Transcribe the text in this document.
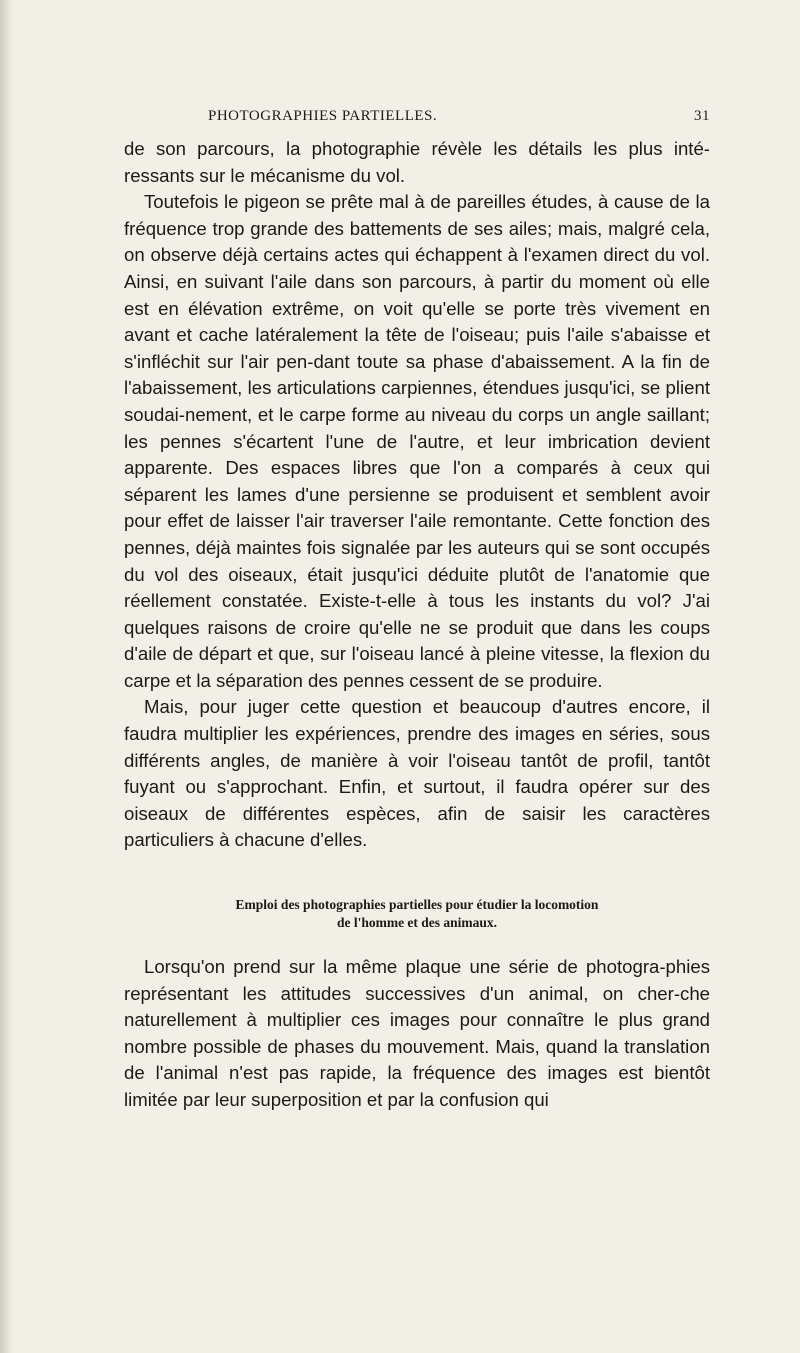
PHOTOGRAPHIES PARTIELLES.	31

de son parcours, la photographie révèle les détails les plus inté-ressants sur le mécanisme du vol.

Toutefois le pigeon se prête mal à de pareilles études, à cause de la fréquence trop grande des battements de ses ailes; mais, malgré cela, on observe déjà certains actes qui échappent à l'examen direct du vol. Ainsi, en suivant l'aile dans son parcours, à partir du moment où elle est en élévation extrême, on voit qu'elle se porte très vivement en avant et cache latéralement la tête de l'oiseau; puis l'aile s'abaisse et s'infléchit sur l'air pen-dant toute sa phase d'abaissement. A la fin de l'abaissement, les articulations carpiennes, étendues jusqu'ici, se plient soudai-nement, et le carpe forme au niveau du corps un angle saillant; les pennes s'écartent l'une de l'autre, et leur imbrication devient apparente. Des espaces libres que l'on a comparés à ceux qui séparent les lames d'une persienne se produisent et semblent avoir pour effet de laisser l'air traverser l'aile remontante. Cette fonction des pennes, déjà maintes fois signalée par les auteurs qui se sont occupés du vol des oiseaux, était jusqu'ici déduite plutôt de l'anatomie que réellement constatée. Existe-t-elle à tous les instants du vol? J'ai quelques raisons de croire qu'elle ne se produit que dans les coups d'aile de départ et que, sur l'oiseau lancé à pleine vitesse, la flexion du carpe et la séparation des pennes cessent de se produire.

Mais, pour juger cette question et beaucoup d'autres encore, il faudra multiplier les expériences, prendre des images en séries, sous différents angles, de manière à voir l'oiseau tantôt de profil, tantôt fuyant ou s'approchant. Enfin, et surtout, il faudra opérer sur des oiseaux de différentes espèces, afin de saisir les caractères particuliers à chacune d'elles.

Emploi des photographies partielles pour étudier la locomotion
de l'homme et des animaux.

Lorsqu'on prend sur la même plaque une série de photogra-phies représentant les attitudes successives d'un animal, on cher-che naturellement à multiplier ces images pour connaître le plus grand nombre possible de phases du mouvement. Mais, quand la translation de l'animal n'est pas rapide, la fréquence des images est bientôt limitée par leur superposition et par la confusion qui
